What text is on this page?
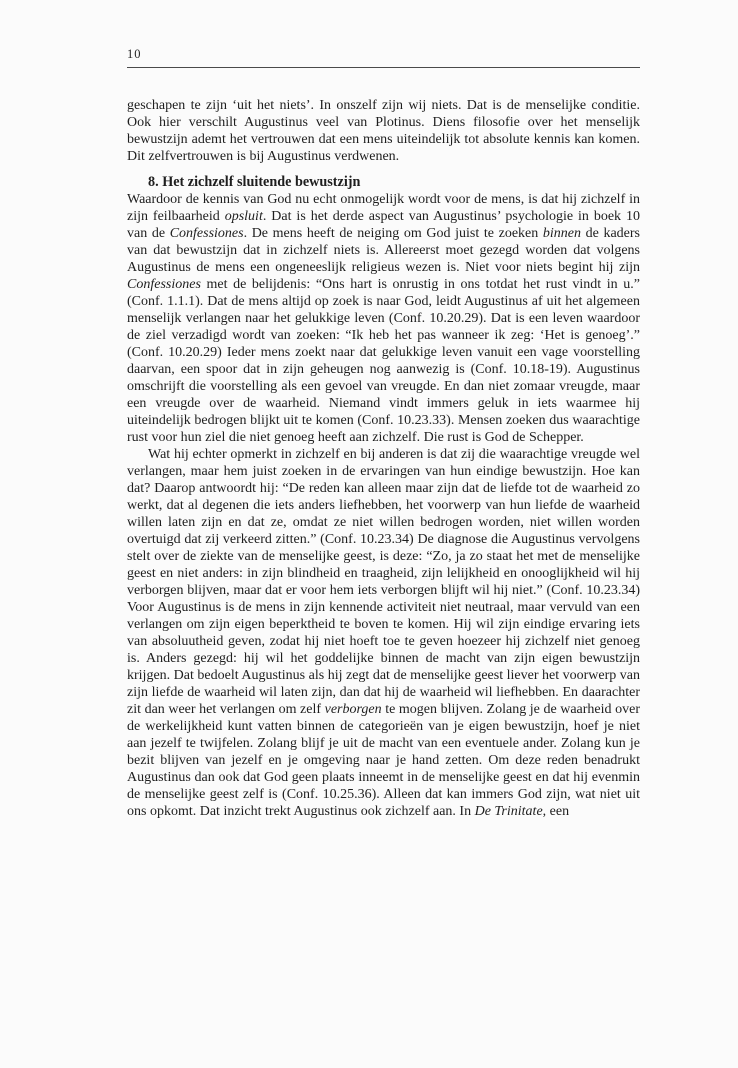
10

geschapen te zijn ‘uit het niets’. In onszelf zijn wij niets. Dat is de menselijke conditie. Ook hier verschilt Augustinus veel van Plotinus. Diens filosofie over het menselijk bewustzijn ademt het vertrouwen dat een mens uiteindelijk tot absolute kennis kan komen. Dit zelfvertrouwen is bij Augustinus verdwenen.

8. Het zichzelf sluitende bewustzijn

Waardoor de kennis van God nu echt onmogelijk wordt voor de mens, is dat hij zichzelf in zijn feilbaarheid opsluit. Dat is het derde aspect van Augustinus’ psychologie in boek 10 van de Confessiones. De mens heeft de neiging om God juist te zoeken binnen de kaders van dat bewustzijn dat in zichzelf niets is. Allereerst moet gezegd worden dat volgens Augustinus de mens een ongeneeslijk religieus wezen is. Niet voor niets begint hij zijn Confessiones met de belijdenis: “Ons hart is onrustig in ons totdat het rust vindt in u.” (Conf. 1.1.1). Dat de mens altijd op zoek is naar God, leidt Augustinus af uit het algemeen menselijk verlangen naar het gelukkige leven (Conf. 10.20.29). Dat is een leven waardoor de ziel verzadigd wordt van zoeken: “Ik heb het pas wanneer ik zeg: ‘Het is genoeg’.” (Conf. 10.20.29) Ieder mens zoekt naar dat gelukkige leven vanuit een vage voorstelling daarvan, een spoor dat in zijn geheugen nog aanwezig is (Conf. 10.18-19). Augustinus omschrijft die voorstelling als een gevoel van vreugde. En dan niet zomaar vreugde, maar een vreugde over de waarheid. Niemand vindt immers geluk in iets waarmee hij uiteindelijk bedrogen blijkt uit te komen (Conf. 10.23.33). Mensen zoeken dus waarachtige rust voor hun ziel die niet genoeg heeft aan zichzelf. Die rust is God de Schepper.

Wat hij echter opmerkt in zichzelf en bij anderen is dat zij die waarachtige vreugde wel verlangen, maar hem juist zoeken in de ervaringen van hun eindige bewustzijn. Hoe kan dat? Daarop antwoordt hij: “De reden kan alleen maar zijn dat de liefde tot de waarheid zo werkt, dat al degenen die iets anders liefhebben, het voorwerp van hun liefde de waarheid willen laten zijn en dat ze, omdat ze niet willen bedrogen worden, niet willen worden overtuigd dat zij verkeerd zitten.” (Conf. 10.23.34) De diagnose die Augustinus vervolgens stelt over de ziekte van de menselijke geest, is deze: “Zo, ja zo staat het met de menselijke geest en niet anders: in zijn blindheid en traagheid, zijn lelijkheid en onooglijkheid wil hij verborgen blijven, maar dat er voor hem iets verborgen blijft wil hij niet.” (Conf. 10.23.34) Voor Augustinus is de mens in zijn kennende activiteit niet neutraal, maar vervuld van een verlangen om zijn eigen beperktheid te boven te komen. Hij wil zijn eindige ervaring iets van absoluutheid geven, zodat hij niet hoeft toe te geven hoezeer hij zichzelf niet genoeg is. Anders gezegd: hij wil het goddelijke binnen de macht van zijn eigen bewustzijn krijgen. Dat bedoelt Augustinus als hij zegt dat de menselijke geest liever het voorwerp van zijn liefde de waarheid wil laten zijn, dan dat hij de waarheid wil liefhebben. En daarachter zit dan weer het verlangen om zelf verborgen te mogen blijven. Zolang je de waarheid over de werkelijkheid kunt vatten binnen de categorieën van je eigen bewustzijn, hoef je niet aan jezelf te twijfelen. Zolang blijf je uit de macht van een eventuele ander. Zolang kun je bezit blijven van jezelf en je omgeving naar je hand zetten. Om deze reden benadrukt Augustinus dan ook dat God geen plaats inneemt in de menselijke geest en dat hij evenmin de menselijke geest zelf is (Conf. 10.25.36). Alleen dat kan immers God zijn, wat niet uit ons opkomt. Dat inzicht trekt Augustinus ook zichzelf aan. In De Trinitate, een
